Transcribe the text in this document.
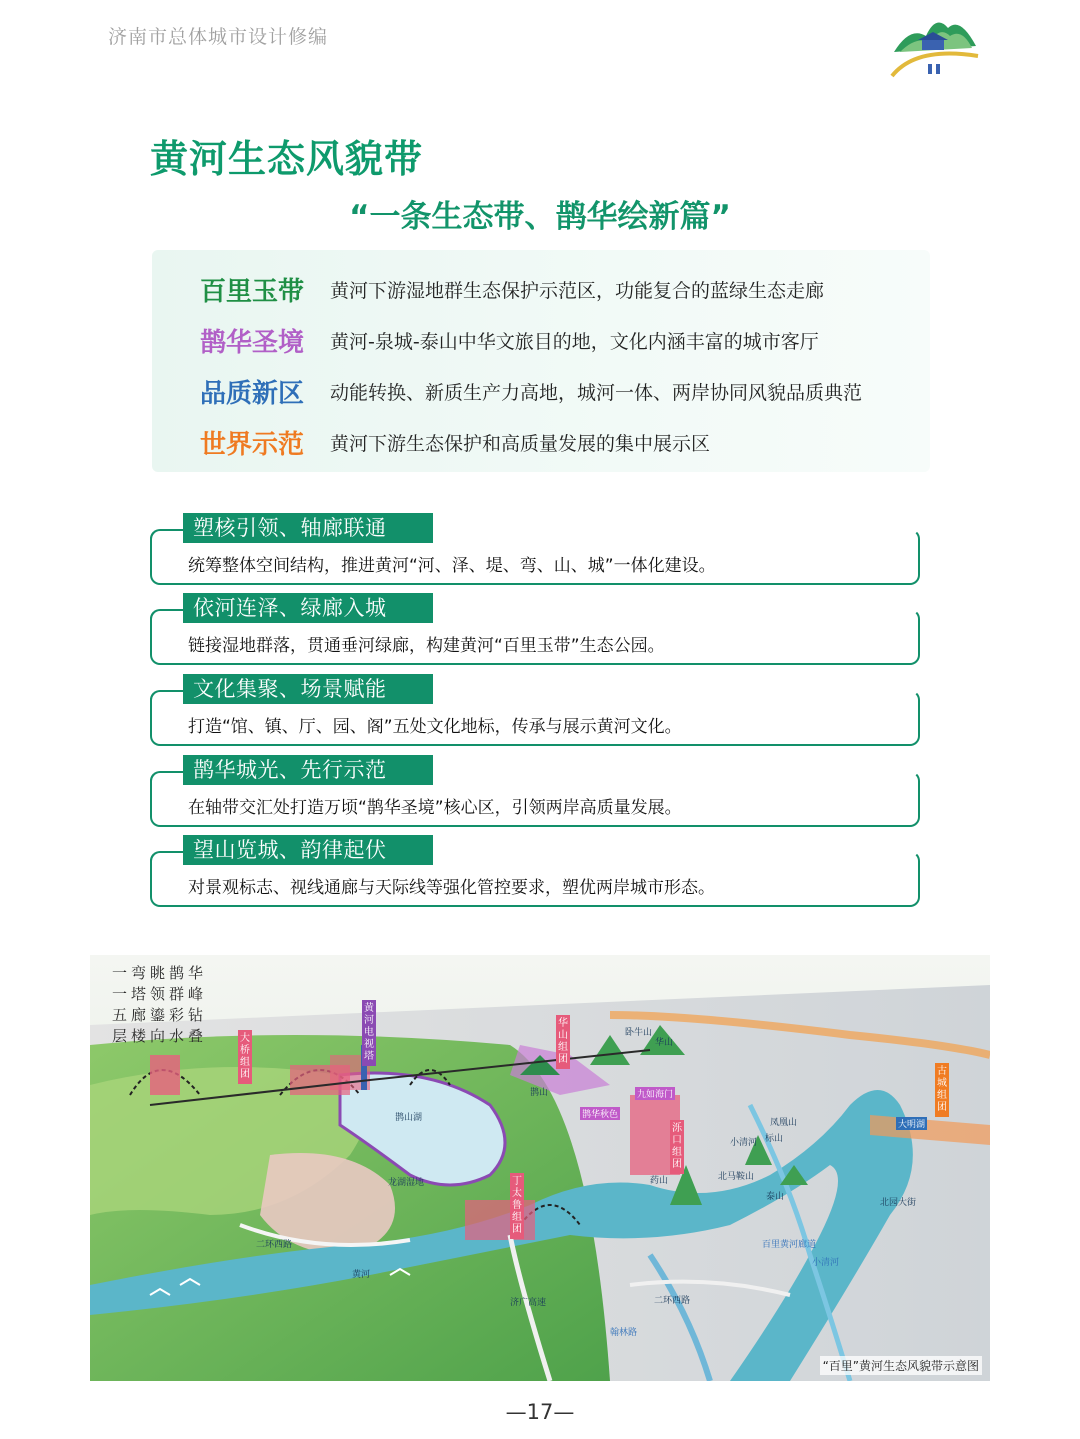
济南市总体城市设计修编
黄河生态风貌带
“一条生态带、鹊华绘新篇”
百里玉带	黄河下游湿地群生态保护示范区，功能复合的蓝绿生态走廊
鹊华圣境	黄河-泉城-泰山中华文旅目的地，文化内涵丰富的城市客厅
品质新区	动能转换、新质生产力高地，城河一体、两岸协同风貌品质典范
世界示范	黄河下游生态保护和高质量发展的集中展示区
塑核引领、轴廊联通
统筹整体空间结构，推进黄河“河、泽、堤、弯、山、城”一体化建设。
依河连泽、绿廊入城
链接湿地群落，贯通垂河绿廊，构建黄河“百里玉带”生态公园。
文化集聚、场景赋能
打造“馆、镇、厅、园、阁”五处文化地标，传承与展示黄河文化。
鹊华城光、先行示范
在轴带交汇处打造万顷“鹊华圣境”核心区，引领两岸高质量发展。
望山览城、韵律起伏
对景观标志、视线通廊与天际线等强化管控要求，塑优两岸城市形态。
一弯眺鹊华
一塔领群峰
五廊鎏彩钻
层楼向水叠	大桥组团
黄河电视塔
华山组团
泺口组团
古城组团
丁太鲁组团
卧牛山
华山
鹊山
鹊山湖	鹊华秋色
九如海门
大明湖
凤凰山
标山
小清河
北马鞍山
药山
泰山
龙湖湿地
二环西路
黄河
济广高速	二环西路
北园大街
百里黄河廊道
小清河
翰林路
“百里”黄河生态风貌带示意图
—17—
